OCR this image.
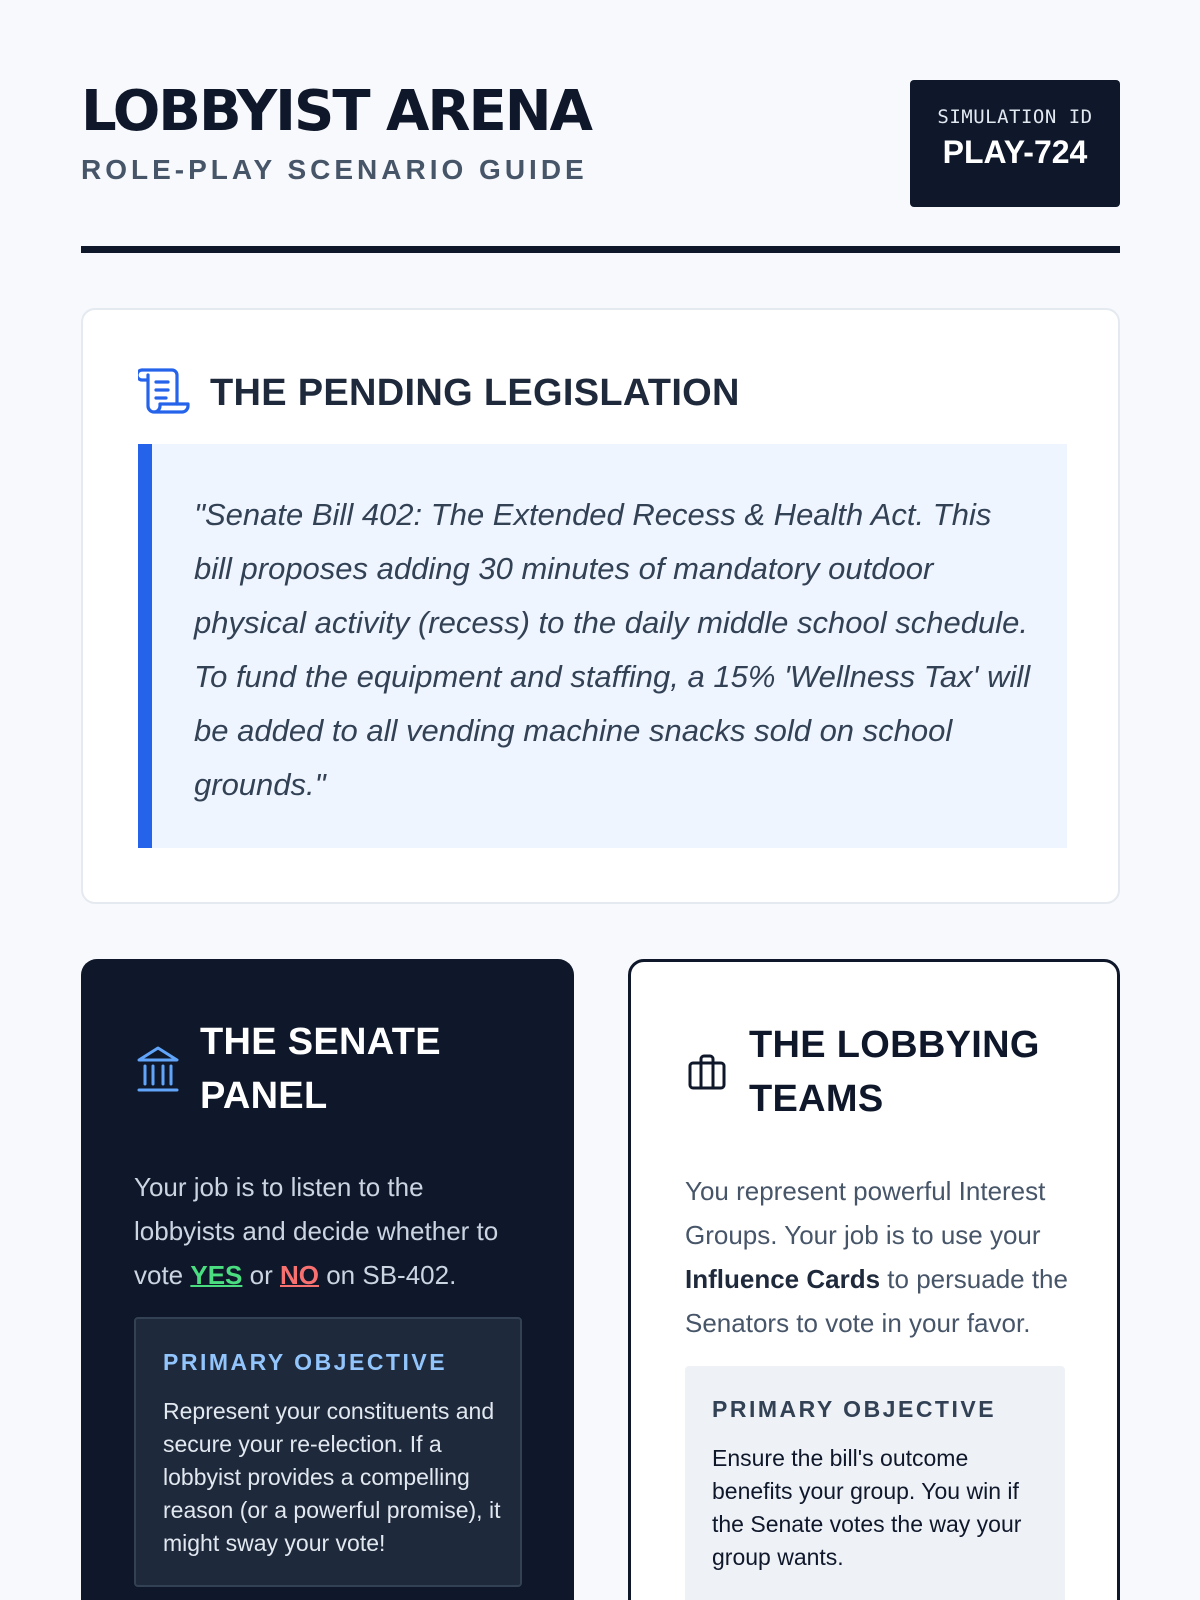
LOBBYIST ARENA
ROLE-PLAY SCENARIO GUIDE
SIMULATION ID
PLAY-724
THE PENDING LEGISLATION

"Senate Bill 402: The Extended Recess & Health Act. This bill proposes adding 30 minutes of mandatory outdoor physical activity (recess) to the daily middle school schedule. To fund the equipment and staffing, a 15% 'Wellness Tax' will be added to all vending machine snacks sold on school grounds."

THE SENATE
PANEL

Your job is to listen to the lobbyists and decide whether to vote YES or NO on SB-402.

PRIMARY OBJECTIVE

Represent your constituents and secure your re-election. If a lobbyist provides a compelling reason (or a powerful promise), it might sway your vote!

THE LOBBYING
TEAMS

You represent powerful Interest Groups. Your job is to use your Influence Cards to persuade the Senators to vote in your favor.

PRIMARY OBJECTIVE

Ensure the bill's outcome benefits your group. You win if the Senate votes the way your group wants.
